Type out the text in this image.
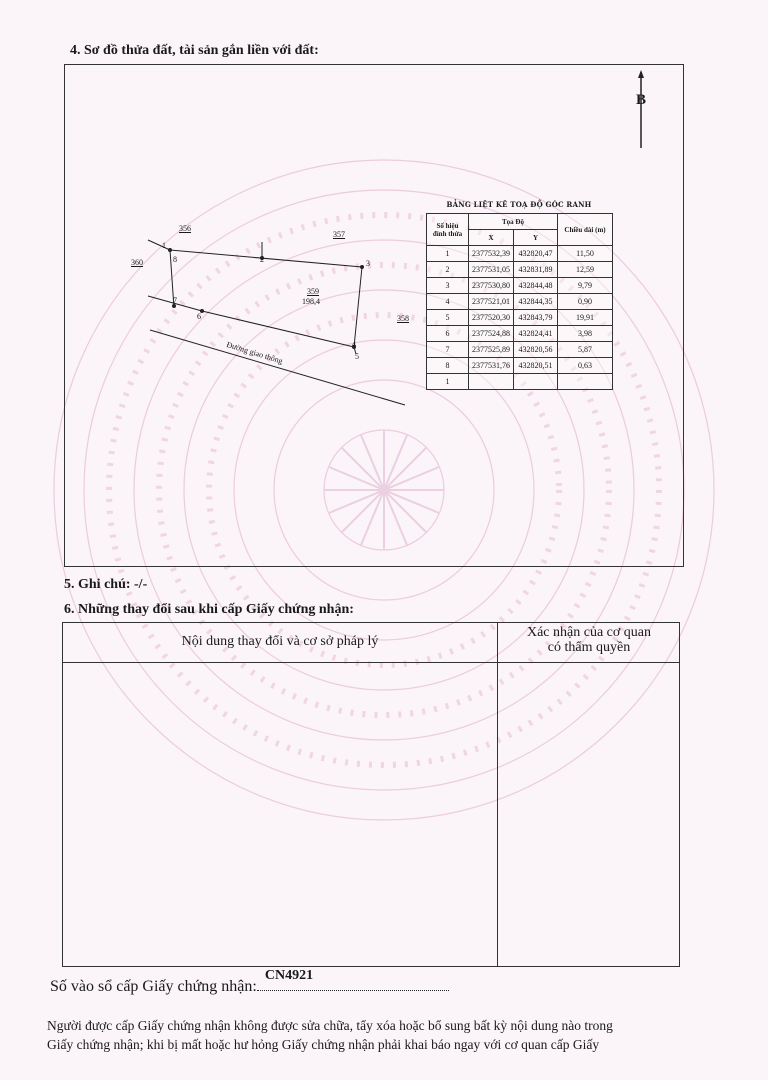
4. Sơ đồ thửa đất, tài sản gắn liền với đất:
B
356
357
360
358
359
198,4
Đường giao thông
1
2	3
4
5
6
7
8
BẢNG LIỆT KÊ TOẠ ĐỘ GÓC RANH
Số hiệu
đỉnh thửa	Tọa Độ		Chiều dài (m)
	X	Y	
1	2377532,39	432820,47	11,50
2	2377531,05	432831,89	12,59
3	2377530,80	432844,48	9,79
4	2377521,01	432844,35	0,90
5	2377520,30	432843,79	19,91
6	2377524,88	432824,41	3,98
7	2377525,89	432820,56	5,87
8	2377531,76	432820,51	0,63
1			
5. Ghi chú: -/-
6. Những thay đổi sau khi cấp Giấy chứng nhận:
Nội dung thay đổi và cơ sở pháp lý
Xác nhận của cơ quan
có thẩm quyền
Số vào sổ cấp Giấy chứng nhận:
CN4921
Người được cấp Giấy chứng nhận không được sửa chữa, tẩy xóa hoặc bổ sung bất kỳ nội dung nào trong
Giấy chứng nhận; khi bị mất hoặc hư hỏng Giấy chứng nhận phải khai báo ngay với cơ quan cấp Giấy
